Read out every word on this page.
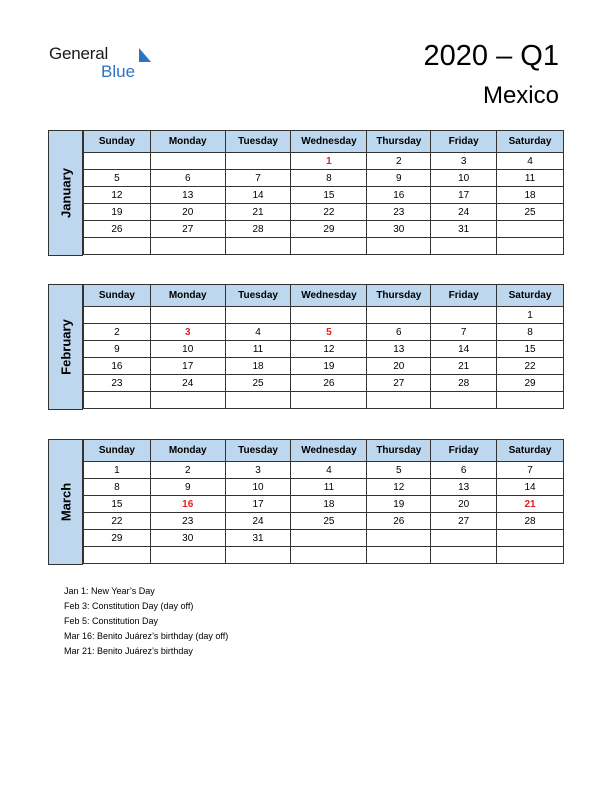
General
Blue	2020 – Q1
Mexico
January
Sunday	Monday	Tuesday	Wednesday	Thursday	Friday	Saturday
			1	2	3	4
5	6	7	8	9	10	11
12	13	14	15	16	17	18
19	20	21	22	23	24	25
26	27	28	29	30	31	

February
Sunday	Monday	Tuesday	Wednesday	Thursday	Friday	Saturday
						1
2	3	4	5	6	7	8
9	10	11	12	13	14	15
16	17	18	19	20	21	22
23	24	25	26	27	28	29

March
Sunday	Monday	Tuesday	Wednesday	Thursday	Friday	Saturday
1	2	3	4	5	6	7
8	9	10	11	12	13	14
15	16	17	18	19	20	21
22	23	24	25	26	27	28
29	30	31				

Jan 1: New Year’s Day
Feb 3: Constitution Day (day off)
Feb 5: Constitution Day
Mar 16: Benito Juárez’s birthday (day off)
Mar 21: Benito Juárez’s birthday
